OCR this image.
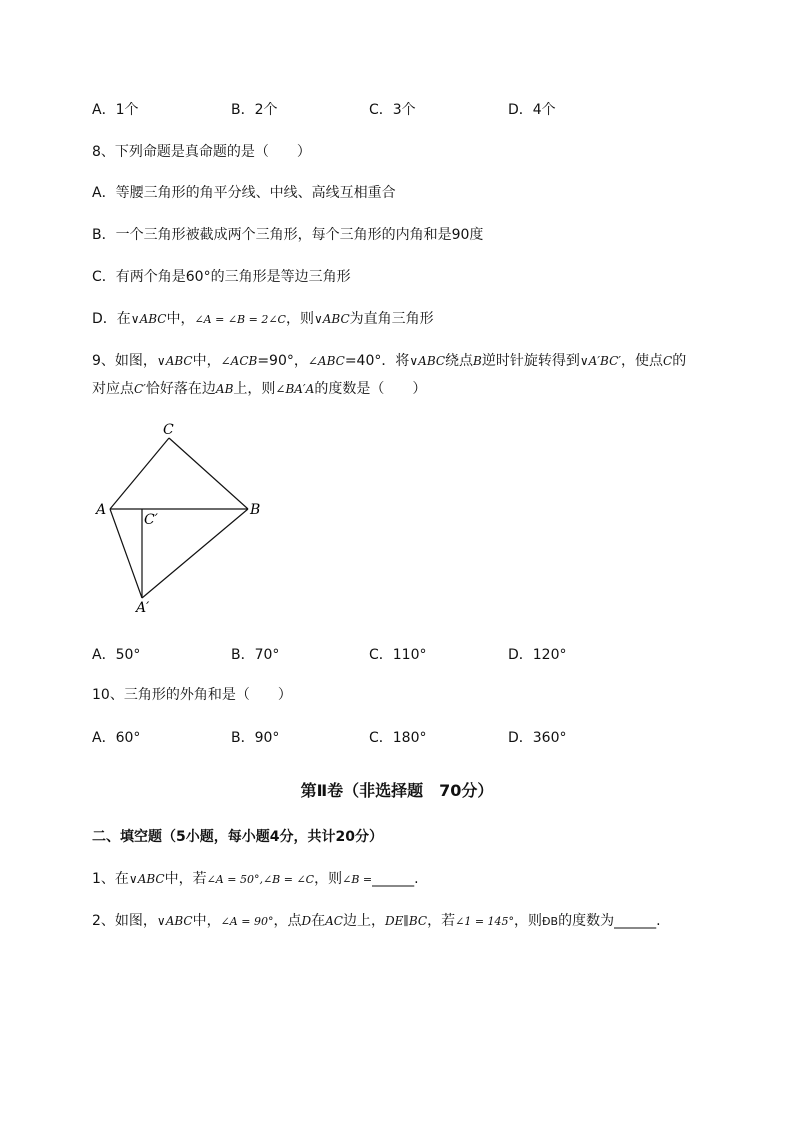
A．1个	B．2个	C．3个	D．4个
8、下列命题是真命题的是（　　）
A．等腰三角形的角平分线、中线、高线互相重合
B．一个三角形被截成两个三角形，每个三角形的内角和是90度
C．有两个角是60°的三角形是等边三角形
D．在∨ABC中，∠A = ∠B = 2∠C，则∨ABC为直角三角形
9、如图，∨ABC中，∠ACB=90°，∠ABC=40°．将∨ABC绕点B逆时针旋转得到∨A′BC′，使点C的
对应点C′恰好落在边AB上，则∠BA′A的度数是（　　）
C
A	B
C′
A′
A．50°	B．70°	C．110°	D．120°
10、三角形的外角和是（　　）
A．60°	B．90°	C．180°	D．360°
第Ⅱ卷（非选择题　70分）
二、填空题（5小题，每小题4分，共计20分）
1、在∨ABC中，若∠A = 50°,∠B = ∠C，则∠B =______.
2、如图，∨ABC中，∠A = 90°，点D在AC边上，DE∥BC，若∠1 = 145°，则ÐB的度数为______.
